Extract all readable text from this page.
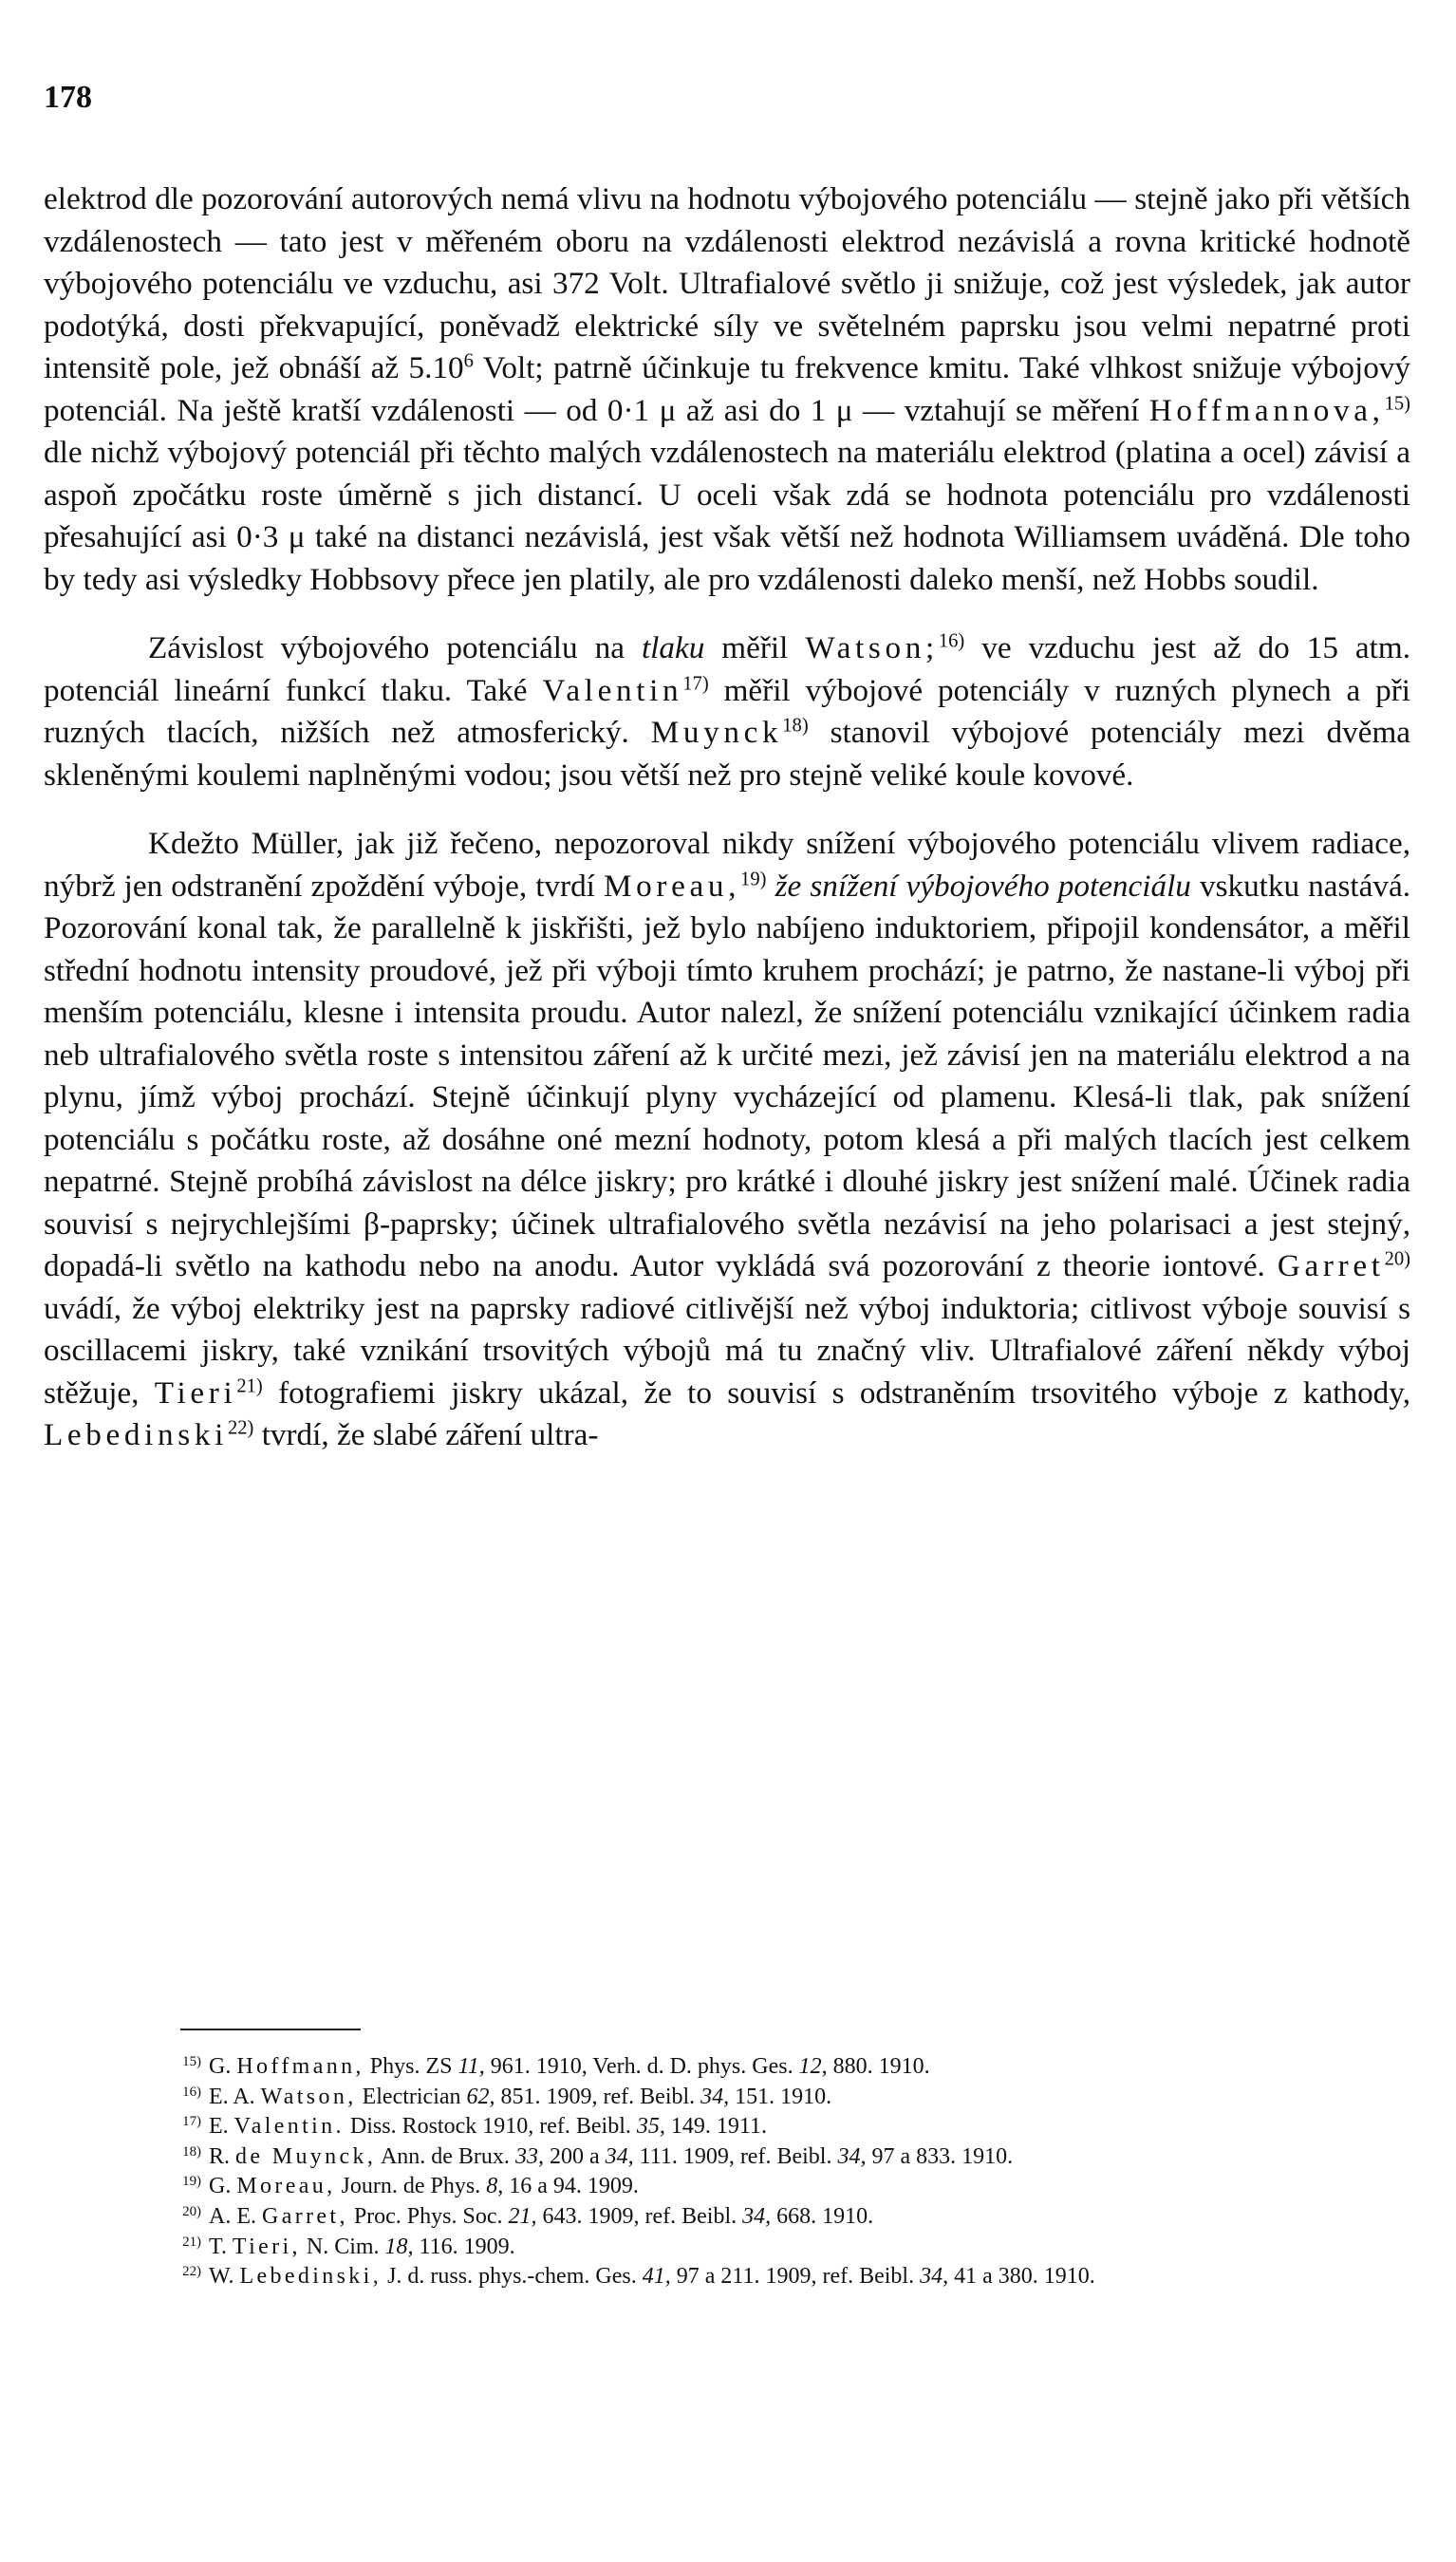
178

elektrod dle pozorování autorových nemá vlivu na hodnotu výbojového potenciálu — stejně jako při větších vzdálenostech — tato jest v měřeném oboru na vzdálenosti elektrod nezávislá a rovna kritické hodnotě výbojového potenciálu ve vzduchu, asi 372 Volt. Ultrafialové světlo ji snižuje, což jest výsledek, jak autor podotýká, dosti překvapující, poněvadž elektrické síly ve světelném paprsku jsou velmi nepatrné proti intensitě pole, jež obnáší až 5.10$^6$ Volt; patrně účinkuje tu frekvence kmitu. Také vlhkost snižuje výbojový potenciál. Na ještě kratší vzdálenosti — od 0·1 μ až asi do 1 μ — vztahují se měření Hoffmannova,$^{15)}$ dle nichž výbojový potenciál při těchto malých vzdálenostech na materiálu elektrod (platina a ocel) závisí a aspoň zpočátku roste úměrně s jich distancí. U oceli však zdá se hodnota potenciálu pro vzdálenosti přesahující asi 0·3 μ také na distanci nezávislá, jest však větší než hodnota Williamsem uváděná. Dle toho by tedy asi výsledky Hobbsovy přece jen platily, ale pro vzdálenosti daleko menší, než Hobbs soudil.

Závislost výbojového potenciálu na tlaku měřil Watson;$^{16)}$ ve vzduchu jest až do 15 atm. potenciál lineární funkcí tlaku. Také Valentin$^{17)}$ měřil výbojové potenciály v ruzných plynech a při ruzných tlacích, nižších než atmosferický. Muynck$^{18)}$ stanovil výbojové potenciály mezi dvěma skleněnými koulemi naplněnými vodou; jsou větší než pro stejně veliké koule kovové.

Kdežto Müller, jak již řečeno, nepozoroval nikdy snížení výbojového potenciálu vlivem radiace, nýbrž jen odstranění zpoždění výboje, tvrdí Moreau,$^{19)}$ že snížení výbojového potenciálu vskutku nastává. Pozorování konal tak, že parallelně k jiskřišti, jež bylo nabíjeno induktoriem, připojil kondensátor, a měřil střední hodnotu intensity proudové, jež při výboji tímto kruhem prochází; je patrno, že nastane-li výboj při menším potenciálu, klesne i intensita proudu. Autor nalezl, že snížení potenciálu vznikající účinkem radia neb ultrafialového světla roste s intensitou záření až k určité mezi, jež závisí jen na materiálu elektrod a na plynu, jímž výboj prochází. Stejně účinkují plyny vycházející od plamenu. Klesá-li tlak, pak snížení potenciálu s počátku roste, až dosáhne oné mezní hodnoty, potom klesá a při malých tlacích jest celkem nepatrné. Stejně probíhá závislost na délce jiskry; pro krátké i dlouhé jiskry jest snížení malé. Účinek radia souvisí s nejrychlejšími β-paprsky; účinek ultrafialového světla nezávisí na jeho polarisaci a jest stejný, dopadá-li světlo na kathodu nebo na anodu. Autor vykládá svá pozorování z theorie iontové. Garret$^{20)}$ uvádí, že výboj elektriky jest na paprsky radiové citlivější než výboj induktoria; citlivost výboje souvisí s oscillacemi jiskry, také vznikání trsovitých výbojů má tu značný vliv. Ultrafialové záření někdy výboj stěžuje, Tieri$^{21)}$ fotografiemi jiskry ukázal, že to souvisí s odstraněním trsovitého výboje z kathody, Lebedinski$^{22)}$ tvrdí, že slabé záření ultra-

$^{15)}$ G. Hoffmann, Phys. ZS 11, 961. 1910, Verh. d. D. phys. Ges. 12, 880. 1910.
$^{16)}$ E. A. Watson, Electrician 62, 851. 1909, ref. Beibl. 34, 151. 1910.
$^{17)}$ E. Valentin. Diss. Rostock 1910, ref. Beibl. 35, 149. 1911.
$^{18)}$ R. de Muynck, Ann. de Brux. 33, 200 a 34, 111. 1909, ref. Beibl. 34, 97 a 833. 1910.
$^{19)}$ G. Moreau, Journ. de Phys. 8, 16 a 94. 1909.
$^{20)}$ A. E. Garret, Proc. Phys. Soc. 21, 643. 1909, ref. Beibl. 34, 668. 1910.
$^{21)}$ T. Tieri, N. Cim. 18, 116. 1909.
$^{22)}$ W. Lebedinski, J. d. russ. phys.-chem. Ges. 41, 97 a 211. 1909, ref. Beibl. 34, 41 a 380. 1910.
